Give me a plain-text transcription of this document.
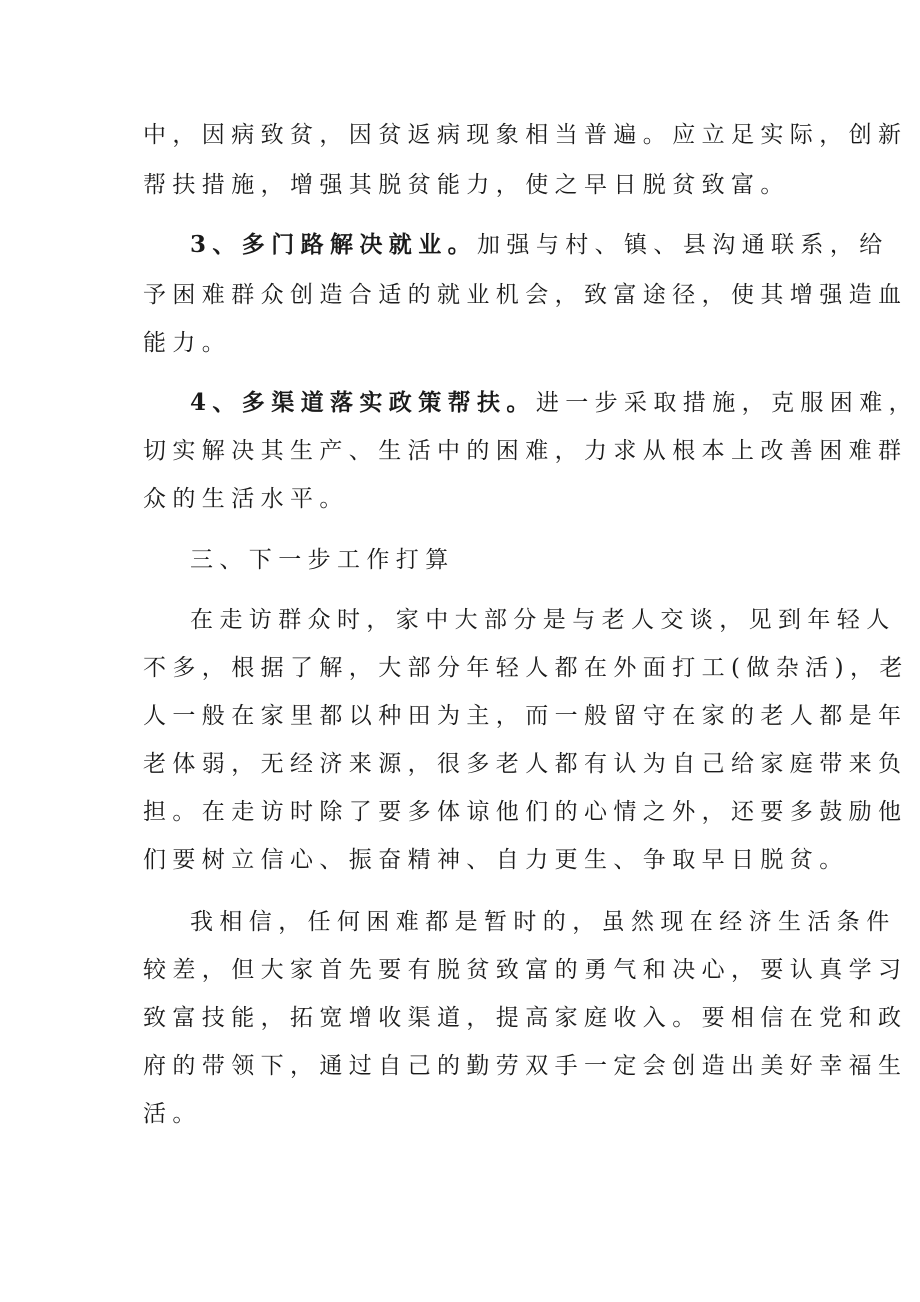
中，因病致贫，因贫返病现象相当普遍。应立足实际，创新
帮扶措施，增强其脱贫能力，使之早日脱贫致富。
3、多门路解决就业。加强与村、镇、县沟通联系，给
予困难群众创造合适的就业机会，致富途径，使其增强造血
能力。
4、多渠道落实政策帮扶。进一步采取措施，克服困难，
切实解决其生产、生活中的困难，力求从根本上改善困难群
众的生活水平。
三、下一步工作打算
在走访群众时，家中大部分是与老人交谈，见到年轻人
不多，根据了解，大部分年轻人都在外面打工(做杂活)，老
人一般在家里都以种田为主，而一般留守在家的老人都是年
老体弱，无经济来源，很多老人都有认为自己给家庭带来负
担。在走访时除了要多体谅他们的心情之外，还要多鼓励他
们要树立信心、振奋精神、自力更生、争取早日脱贫。
我相信，任何困难都是暂时的，虽然现在经济生活条件
较差，但大家首先要有脱贫致富的勇气和决心，要认真学习
致富技能，拓宽增收渠道，提高家庭收入。要相信在党和政
府的带领下，通过自己的勤劳双手一定会创造出美好幸福生
活。
